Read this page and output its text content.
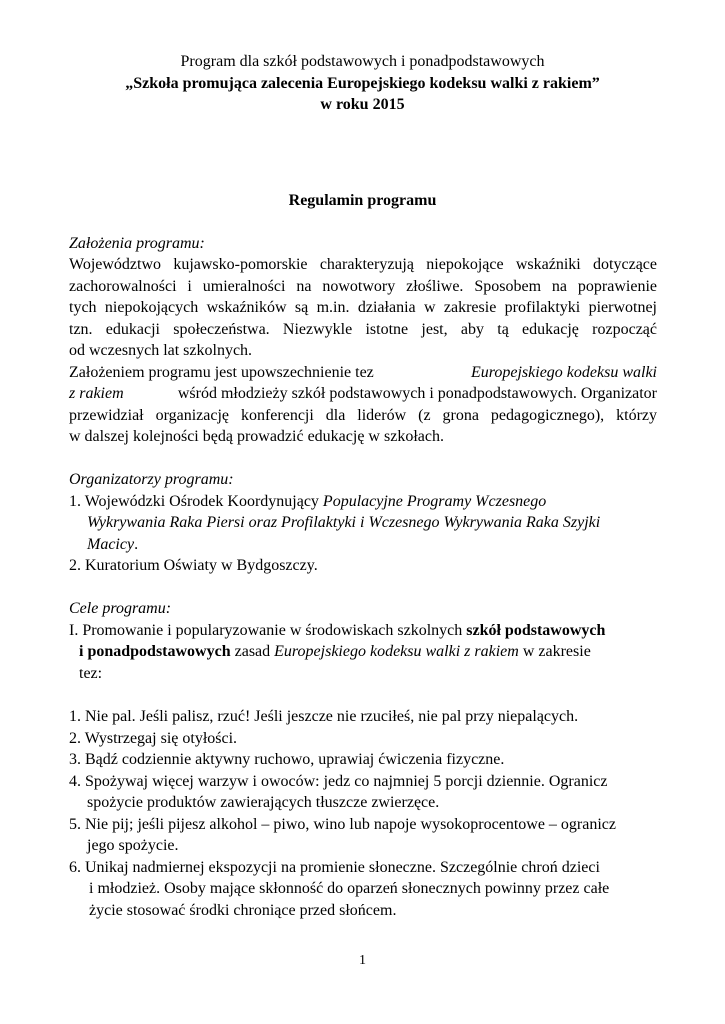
Program dla szkół podstawowych i ponadpodstawowych
„Szkoła promująca zalecenia Europejskiego kodeksu walki z rakiem”
w roku 2015
Regulamin programu
Założenia programu:
Województwo kujawsko-pomorskie charakteryzują niepokojące wskaźniki dotyczące
zachorowalności i umieralności na nowotwory złośliwe. Sposobem na poprawienie
tych niepokojących wskaźników są m.in. działania w zakresie profilaktyki pierwotnej
tzn. edukacji społeczeństwa. Niezwykle istotne jest, aby tą edukację rozpocząć
od wczesnych lat szkolnych.
Założeniem programu jest upowszechnienie tez	Europejskiego kodeksu walki
z rakiem	wśród młodzieży szkół podstawowych i ponadpodstawowych. Organizator
przewidział organizację konferencji dla liderów (z grona pedagogicznego), którzy
w dalszej kolejności będą prowadzić edukację w szkołach.
Organizatorzy programu:
1. Wojewódzki Ośrodek Koordynujący Populacyjne Programy Wczesnego
Wykrywania Raka Piersi oraz Profilaktyki i Wczesnego Wykrywania Raka Szyjki
Macicy.
2. Kuratorium Oświaty w Bydgoszczy.
Cele programu:
I. Promowanie i popularyzowanie w środowiskach szkolnych szkół podstawowych
i ponadpodstawowych zasad Europejskiego kodeksu walki z rakiem w zakresie
tez:
1. Nie pal. Jeśli palisz, rzuć! Jeśli jeszcze nie rzuciłeś, nie pal przy niepalących.
2. Wystrzegaj się otyłości.
3. Bądź codziennie aktywny ruchowo, uprawiaj ćwiczenia fizyczne.
4. Spożywaj więcej warzyw i owoców: jedz co najmniej 5 porcji dziennie. Ogranicz
spożycie produktów zawierających tłuszcze zwierzęce.
5. Nie pij; jeśli pijesz alkohol – piwo, wino lub napoje wysokoprocentowe – ogranicz
jego spożycie.
6. Unikaj nadmiernej ekspozycji na promienie słoneczne. Szczególnie chroń dzieci
i młodzież. Osoby mające skłonność do oparzeń słonecznych powinny przez całe
życie stosować środki chroniące przed słońcem.
1
